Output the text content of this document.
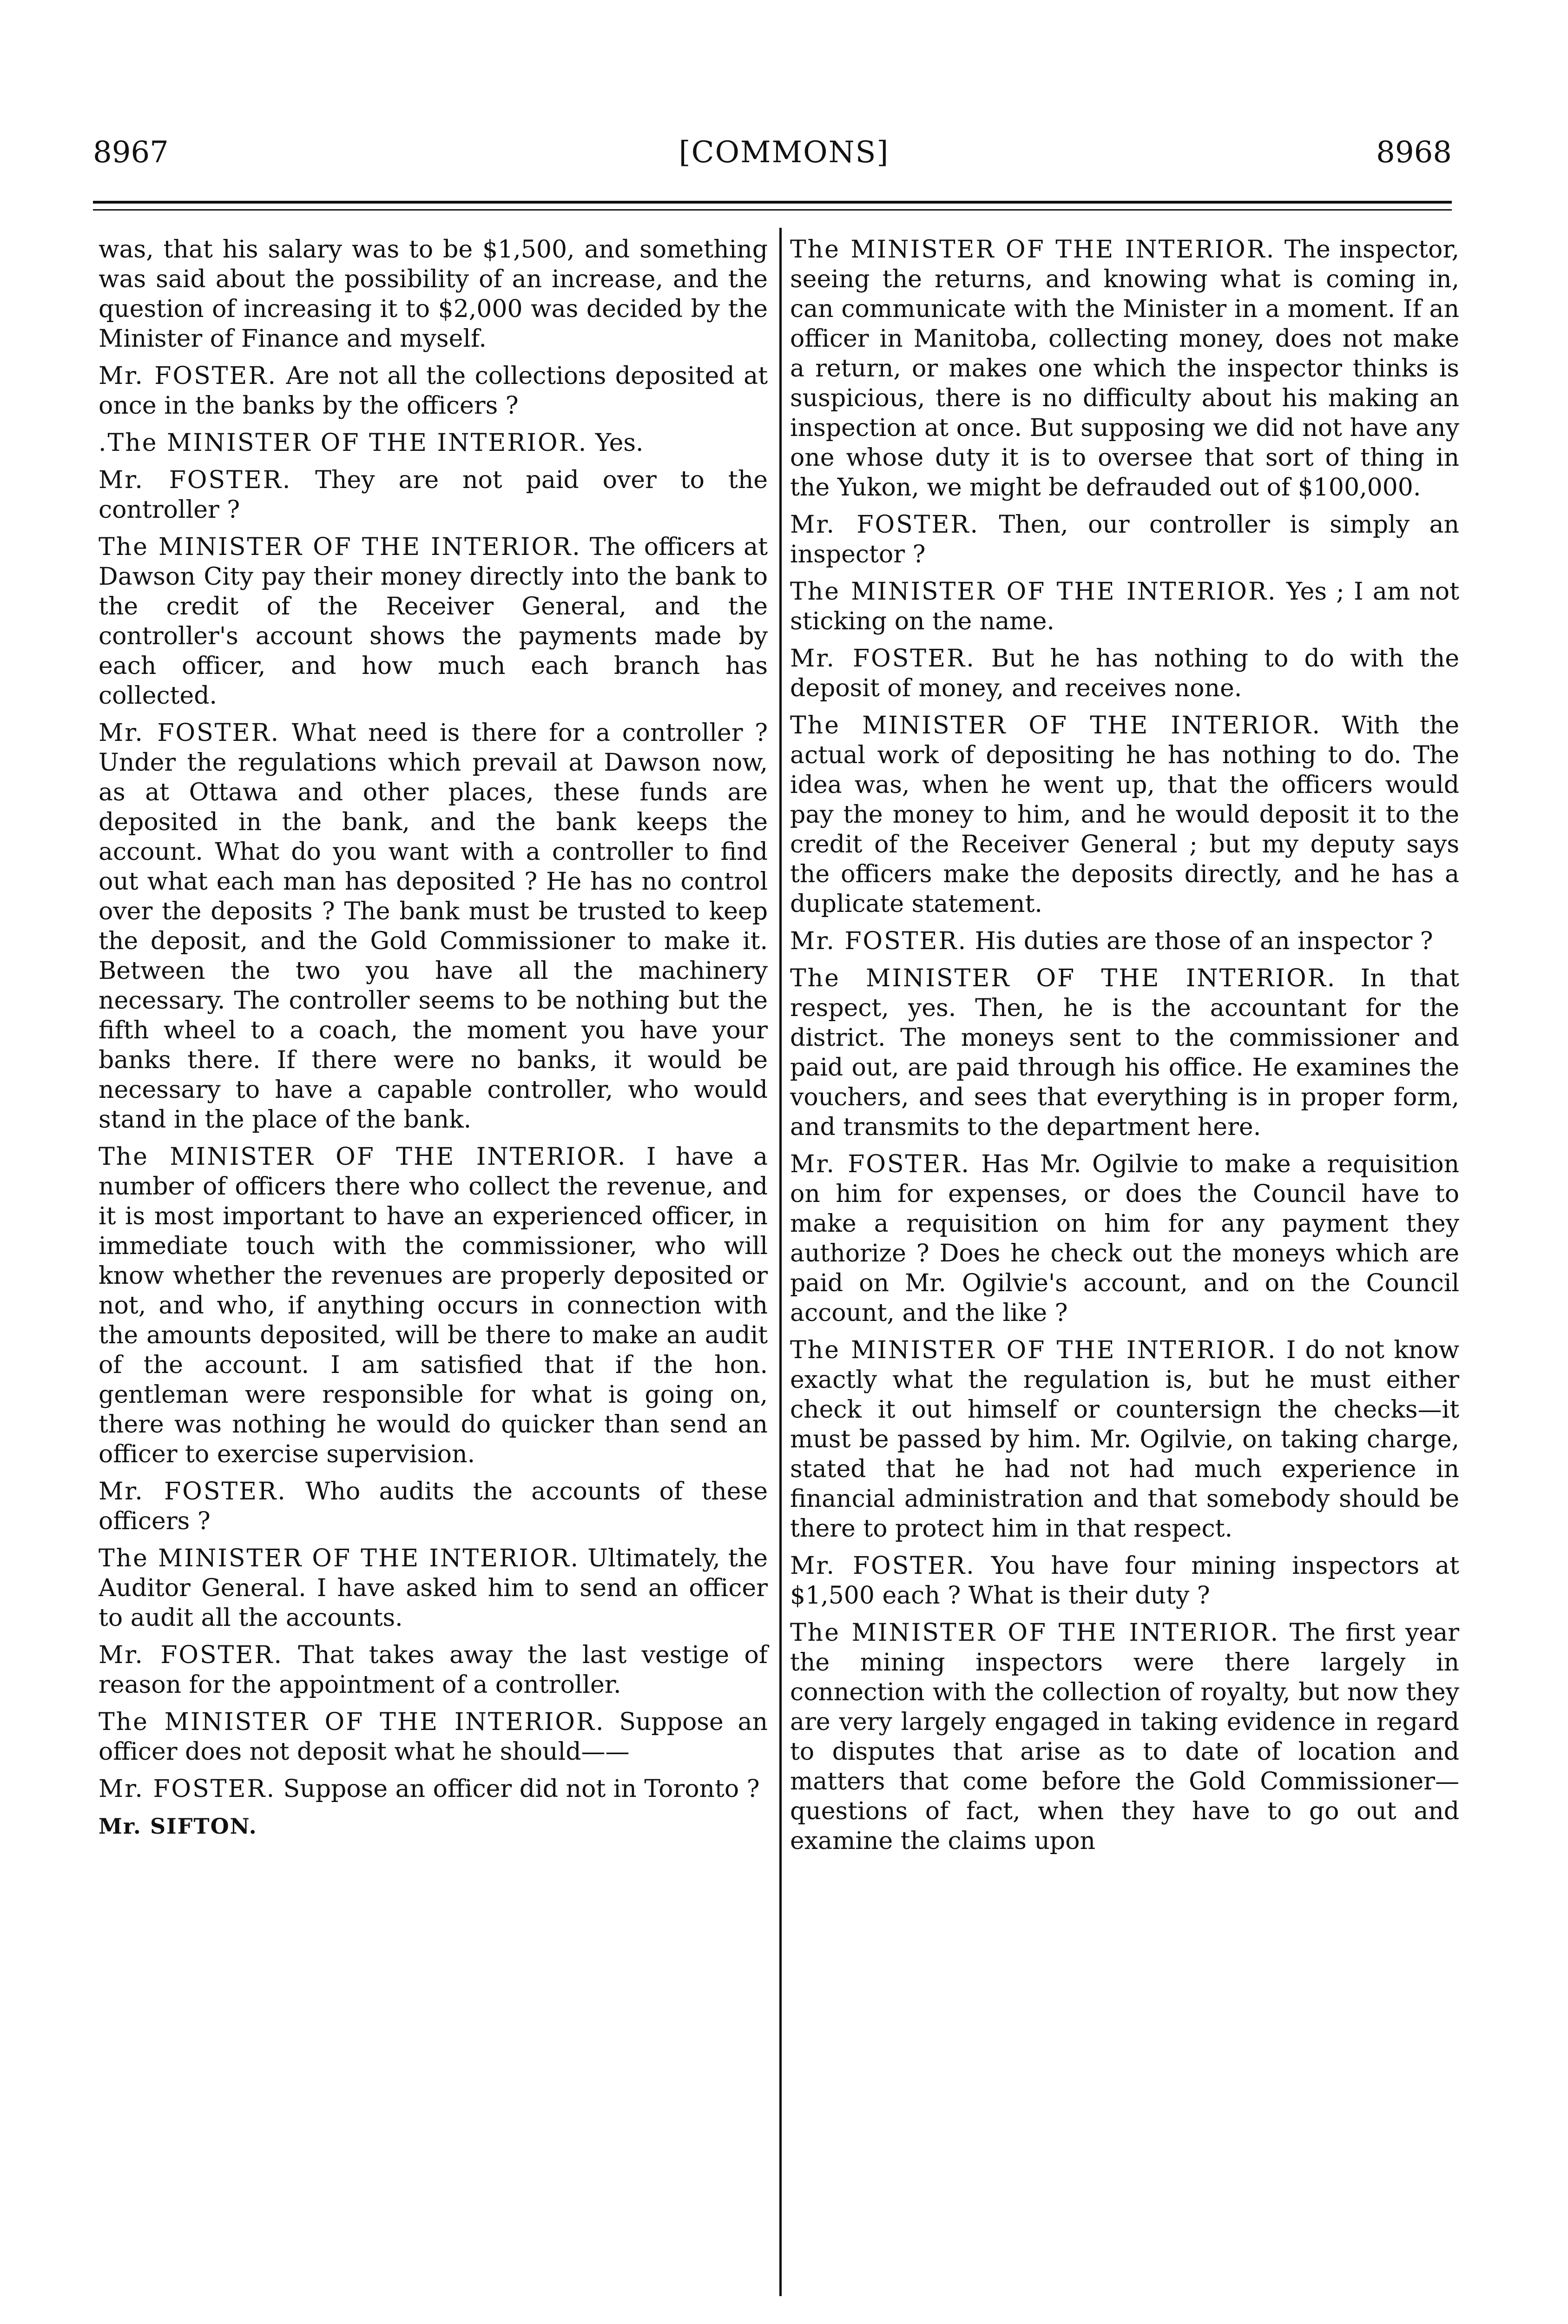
8967	[COMMONS]	8968

was, that his salary was to be $1,500, and something was said about the possibility of an increase, and the question of increasing it to $2,000 was decided by the Minister of Finance and myself.

Mr. FOSTER. Are not all the collections deposited at once in the banks by the officers ?

.The MINISTER OF THE INTERIOR. Yes.

Mr. FOSTER. They are not paid over to the controller ?

The MINISTER OF THE INTERIOR. The officers at Dawson City pay their money directly into the bank to the credit of the Receiver General, and the controller's account shows the payments made by each officer, and how much each branch has collected.

Mr. FOSTER. What need is there for a controller ? Under the regulations which prevail at Dawson now, as at Ottawa and other places, these funds are deposited in the bank, and the bank keeps the account. What do you want with a controller to find out what each man has deposited ? He has no control over the deposits ? The bank must be trusted to keep the deposit, and the Gold Commissioner to make it. Between the two you have all the machinery necessary. The controller seems to be nothing but the fifth wheel to a coach, the moment you have your banks there. If there were no banks, it would be necessary to have a capable controller, who would stand in the place of the bank.

The MINISTER OF THE INTERIOR. I have a number of officers there who collect the revenue, and it is most important to have an experienced officer, in immediate touch with the commissioner, who will know whether the revenues are properly deposited or not, and who, if anything occurs in connection with the amounts deposited, will be there to make an audit of the account. I am satisfied that if the hon. gentleman were responsible for what is going on, there was nothing he would do quicker than send an officer to exercise supervision.

Mr. FOSTER. Who audits the accounts of these officers ?

The MINISTER OF THE INTERIOR. Ultimately, the Auditor General. I have asked him to send an officer to audit all the accounts.

Mr. FOSTER. That takes away the last vestige of reason for the appointment of a controller.

The MINISTER OF THE INTERIOR. Suppose an officer does not deposit what he should——

Mr. FOSTER. Suppose an officer did not in Toronto ?

Mr. SIFTON.

The MINISTER OF THE INTERIOR. The inspector, seeing the returns, and knowing what is coming in, can communicate with the Minister in a moment. If an officer in Manitoba, collecting money, does not make a return, or makes one which the inspector thinks is suspicious, there is no difficulty about his making an inspection at once. But supposing we did not have any one whose duty it is to oversee that sort of thing in the Yukon, we might be defrauded out of $100,000.

Mr. FOSTER. Then, our controller is simply an inspector ?

The MINISTER OF THE INTERIOR. Yes ; I am not sticking on the name.

Mr. FOSTER. But he has nothing to do with the deposit of money, and receives none.

The MINISTER OF THE INTERIOR. With the actual work of depositing he has nothing to do. The idea was, when he went up, that the officers would pay the money to him, and he would deposit it to the credit of the Receiver General ; but my deputy says the officers make the deposits directly, and he has a duplicate statement.

Mr. FOSTER. His duties are those of an inspector ?

The MINISTER OF THE INTERIOR. In that respect, yes. Then, he is the accountant for the district. The moneys sent to the commissioner and paid out, are paid through his office. He examines the vouchers, and sees that everything is in proper form, and transmits to the department here.

Mr. FOSTER. Has Mr. Ogilvie to make a requisition on him for expenses, or does the Council have to make a requisition on him for any payment they authorize ? Does he check out the moneys which are paid on Mr. Ogilvie's account, and on the Council account, and the like ?

The MINISTER OF THE INTERIOR. I do not know exactly what the regulation is, but he must either check it out himself or countersign the checks—it must be passed by him. Mr. Ogilvie, on taking charge, stated that he had not had much experience in financial administration and that somebody should be there to protect him in that respect.

Mr. FOSTER. You have four mining inspectors at $1,500 each ? What is their duty ?

The MINISTER OF THE INTERIOR. The first year the mining inspectors were there largely in connection with the collection of royalty, but now they are very largely engaged in taking evidence in regard to disputes that arise as to date of location and matters that come before the Gold Commissioner—questions of fact, when they have to go out and examine the claims upon
